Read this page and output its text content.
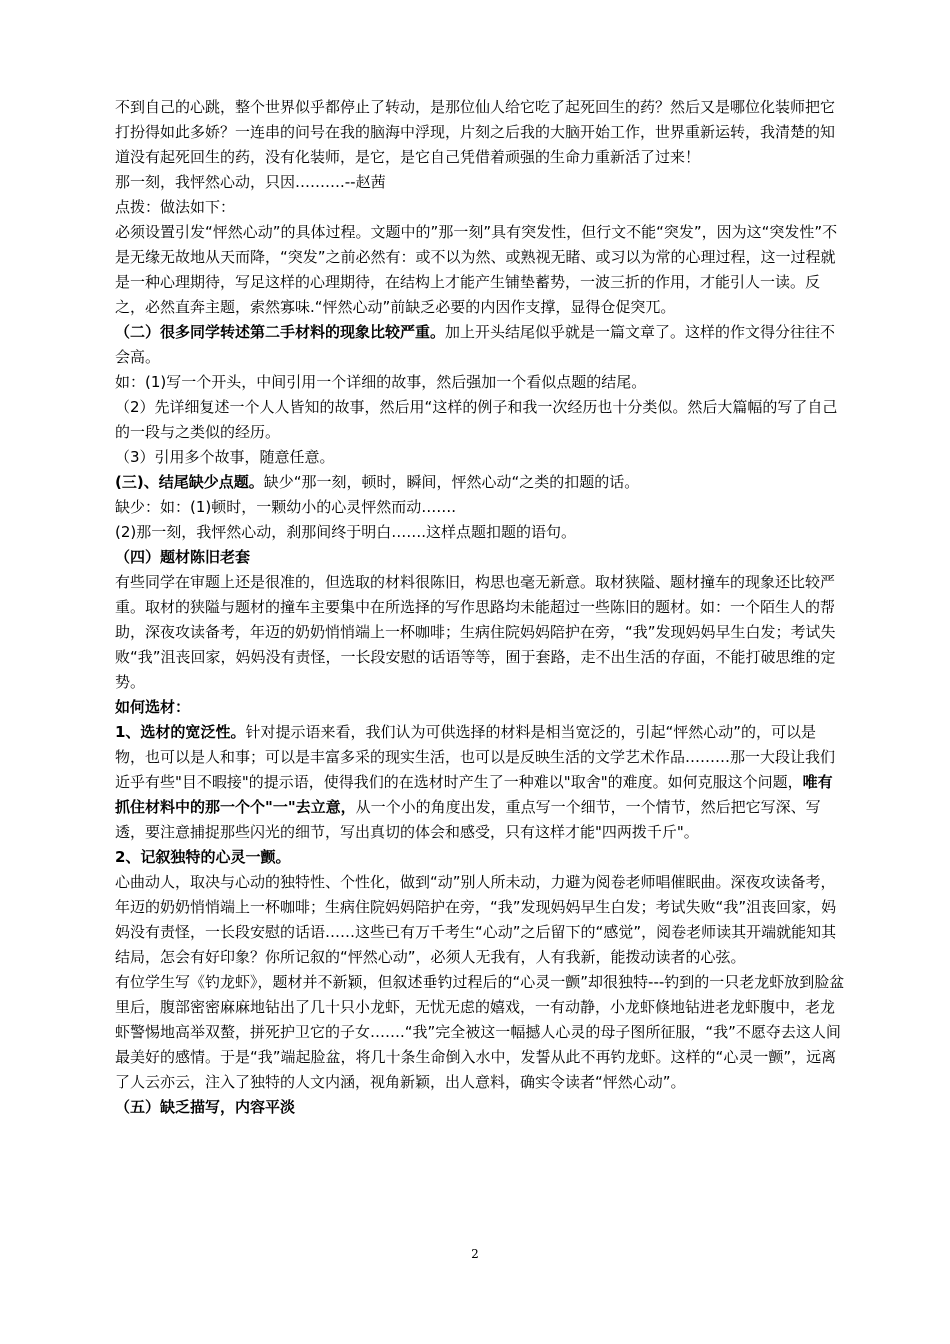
不到自己的心跳，整个世界似乎都停止了转动，是那位仙人给它吃了起死回生的药？然后又是哪位化装师把它打扮得如此多娇？一连串的问号在我的脑海中浮现，片刻之后我的大脑开始工作，世界重新运转，我清楚的知道没有起死回生的药，没有化装师，是它，是它自己凭借着顽强的生命力重新活了过来！

那一刻，我怦然心动，只因……….--赵茜

点拨：做法如下：

必须设置引发“怦然心动”的具体过程。文题中的”那一刻”具有突发性，但行文不能“突发”，因为这“突发性”不是无缘无故地从天而降，“突发”之前必然有：或不以为然、或熟视无睹、或习以为常的心理过程，这一过程就是一种心理期待，写足这样的心理期待，在结构上才能产生铺垫蓄势，一波三折的作用，才能引人一读。反之，必然直奔主题，索然寡味.“怦然心动”前缺乏必要的内因作支撑，显得仓促突兀。

（二）很多同学转述第二手材料的现象比较严重。加上开头结尾似乎就是一篇文章了。这样的作文得分往往不会高。

如：(1)写一个开头，中间引用一个详细的故事，然后强加一个看似点题的结尾。

（2）先详细复述一个人人皆知的故事，然后用“这样的例子和我一次经历也十分类似。然后大篇幅的写了自己的一段与之类似的经历。

（3）引用多个故事，随意任意。

(三)、结尾缺少点题。缺少“那一刻，顿时，瞬间，怦然心动“之类的扣题的话。

缺少：如：(1)顿时，一颗幼小的心灵怦然而动…….

(2)那一刻，我怦然心动，刹那间终于明白…….这样点题扣题的语句。

（四）题材陈旧老套

有些同学在审题上还是很准的，但选取的材料很陈旧，构思也毫无新意。取材狭隘、题材撞车的现象还比较严重。取材的狭隘与题材的撞车主要集中在所选择的写作思路均未能超过一些陈旧的题材。如：一个陌生人的帮助，深夜攻读备考，年迈的奶奶悄悄端上一杯咖啡；生病住院妈妈陪护在旁，“我”发现妈妈早生白发；考试失败“我”沮丧回家，妈妈没有责怪，一长段安慰的话语等等，囿于套路，走不出生活的存面，不能打破思维的定势。

如何选材：

1、选材的宽泛性。针对提示语来看，我们认为可供选择的材料是相当宽泛的，引起“怦然心动”的，可以是物，也可以是人和事；可以是丰富多采的现实生活，也可以是反映生活的文学艺术作品………那一大段让我们近乎有些"目不暇接"的提示语，使得我们的在选材时产生了一种难以"取舍"的难度。如何克服这个问题，唯有抓住材料中的那一个个"一"去立意，从一个小的角度出发，重点写一个细节，一个情节，然后把它写深、写透，要注意捕捉那些闪光的细节，写出真切的体会和感受，只有这样才能"四两拨千斤"。

2、记叙独特的心灵一颤。

心曲动人，取决与心动的独特性、个性化，做到“动”别人所未动，力避为阅卷老师唱催眠曲。深夜攻读备考，年迈的奶奶悄悄端上一杯咖啡；生病住院妈妈陪护在旁，“我”发现妈妈早生白发；考试失败“我”沮丧回家，妈妈没有责怪，一长段安慰的话语……这些已有万千考生“心动”之后留下的“感觉”，阅卷老师读其开端就能知其结局，怎会有好印象？你所记叙的“怦然心动”，必须人无我有，人有我新，能拨动读者的心弦。

有位学生写《钓龙虾》，题材并不新颖，但叙述垂钓过程后的“心灵一颤”却很独特---钓到的一只老龙虾放到脸盆里后，腹部密密麻麻地钻出了几十只小龙虾，无忧无虑的嬉戏，一有动静，小龙虾倏地钻进老龙虾腹中，老龙虾警惕地高举双螯，拼死护卫它的子女…….“我”完全被这一幅撼人心灵的母子图所征服，“我”不愿夺去这人间最美好的感情。于是“我”端起脸盆，将几十条生命倒入水中，发誓从此不再钓龙虾。这样的“心灵一颤”，远离了人云亦云，注入了独特的人文内涵，视角新颖，出人意料，确实令读者“怦然心动”。

（五）缺乏描写，内容平淡

2
